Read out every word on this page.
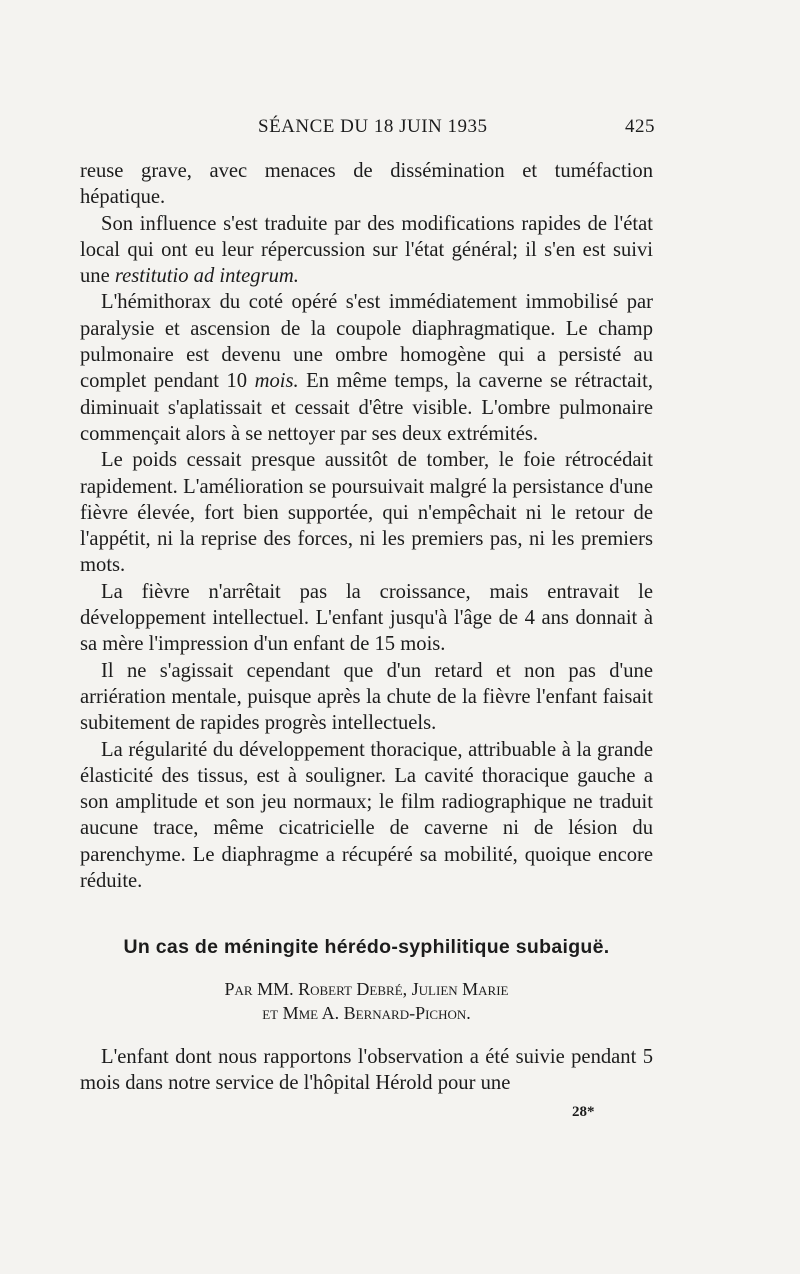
SÉANCE DU 18 JUIN 1935	425

reuse grave, avec menaces de dissémination et tuméfaction hépatique.

Son influence s'est traduite par des modifications rapides de l'état local qui ont eu leur répercussion sur l'état général; il s'en est suivi une restitutio ad integrum.

L'hémithorax du coté opéré s'est immédiatement immobilisé par paralysie et ascension de la coupole diaphragmatique. Le champ pulmonaire est devenu une ombre homogène qui a persisté au complet pendant 10 mois. En même temps, la caverne se rétractait, diminuait s'aplatissait et cessait d'être visible. L'ombre pulmonaire commençait alors à se nettoyer par ses deux extrémités.

Le poids cessait presque aussitôt de tomber, le foie rétrocédait rapidement. L'amélioration se poursuivait malgré la persistance d'une fièvre élevée, fort bien supportée, qui n'empêchait ni le retour de l'appétit, ni la reprise des forces, ni les premiers pas, ni les premiers mots.

La fièvre n'arrêtait pas la croissance, mais entravait le développement intellectuel. L'enfant jusqu'à l'âge de 4 ans donnait à sa mère l'impression d'un enfant de 15 mois.

Il ne s'agissait cependant que d'un retard et non pas d'une arriération mentale, puisque après la chute de la fièvre l'enfant faisait subitement de rapides progrès intellectuels.

La régularité du développement thoracique, attribuable à la grande élasticité des tissus, est à souligner. La cavité thoracique gauche a son amplitude et son jeu normaux; le film radiographique ne traduit aucune trace, même cicatricielle de caverne ni de lésion du parenchyme. Le diaphragme a récupéré sa mobilité, quoique encore réduite.

Un cas de méningite hérédo-syphilitique subaiguë.
Par MM. Robert Debré, Julien Marie
et Mme A. Bernard-Pichon.

L'enfant dont nous rapportons l'observation a été suivie pendant 5 mois dans notre service de l'hôpital Hérold pour une

28*
